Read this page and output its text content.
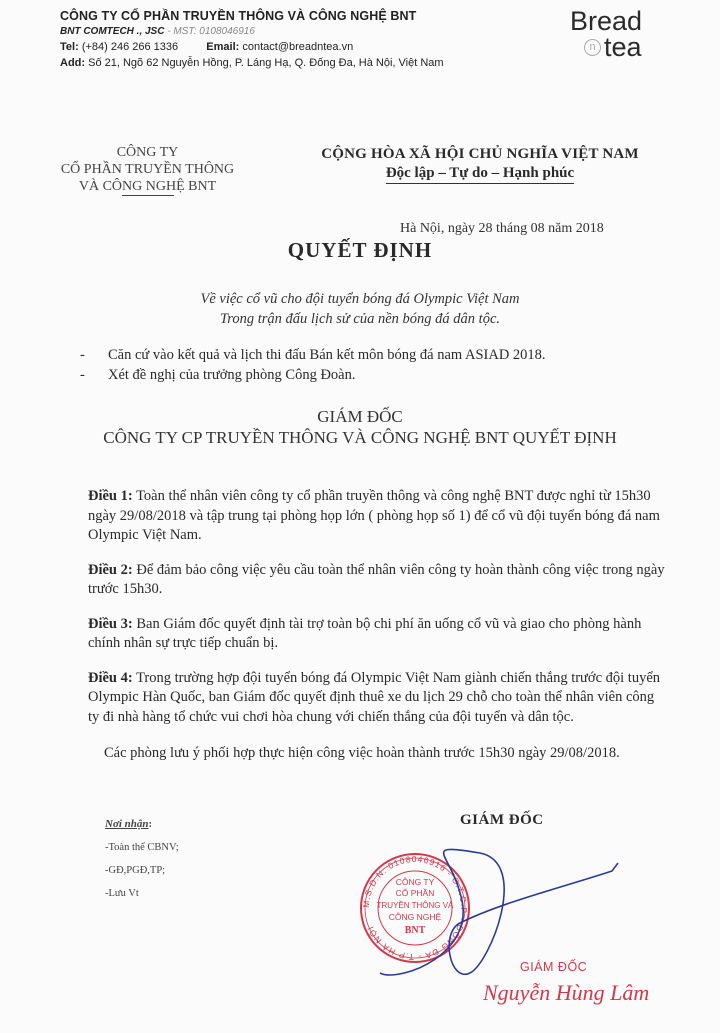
CÔNG TY CỔ PHẦN TRUYỀN THÔNG VÀ CÔNG NGHỆ BNT
BNT COMTECH ., JSC - MST: 0108046916
Tel: (+84) 246 266 1336	Email: contact@breadntea.vn
Add: Số 21, Ngõ 62 Nguyễn Hồng, P. Láng Hạ, Q. Đống Đa, Hà Nội, Việt Nam
Bread
n tea
CÔNG TY
CỔ PHẦN TRUYỀN THÔNG
VÀ CÔNG NGHỆ BNT
CỘNG HÒA XÃ HỘI CHỦ NGHĨA VIỆT NAM
Độc lập – Tự do – Hạnh phúc
Hà Nội, ngày 28 tháng 08 năm 2018
QUYẾT ĐỊNH
Về việc cổ vũ cho đội tuyển bóng đá Olympic Việt Nam
Trong trận đấu lịch sử của nền bóng đá dân tộc.
-	Căn cứ vào kết quả và lịch thi đấu Bán kết môn bóng đá nam ASIAD 2018.
-	Xét đề nghị của trưởng phòng Công Đoàn.
GIÁM ĐỐC
CÔNG TY CP TRUYỀN THÔNG VÀ CÔNG NGHỆ BNT QUYẾT ĐỊNH
Điều 1: Toàn thể nhân viên công ty cổ phần truyền thông và công nghệ BNT được nghỉ từ 15h30 ngày 29/08/2018 và tập trung tại phòng họp lớn ( phòng họp số 1) để cổ vũ đội tuyển bóng đá nam Olympic Việt Nam.
Điều 2: Để đảm bảo công việc yêu cầu toàn thể nhân viên công ty hoàn thành công việc trong ngày trước 15h30.
Điều 3: Ban Giám đốc quyết định tài trợ toàn bộ chi phí ăn uống cổ vũ và giao cho phòng hành chính nhân sự trực tiếp chuẩn bị.
Điều 4: Trong trường hợp đội tuyển bóng đá Olympic Việt Nam giành chiến thắng trước đội tuyển Olympic Hàn Quốc, ban Giám đốc quyết định thuê xe du lịch 29 chỗ cho toàn thể nhân viên công ty đi nhà hàng tổ chức vui chơi hòa chung với chiến thắng của đội tuyển và dân tộc.
Các phòng lưu ý phối hợp thực hiện công việc hoàn thành trước 15h30 ngày 29/08/2018.
Nơi nhận:
-Toàn thể CBNV;
-GĐ,PGĐ,TP;
-Lưu Vt
GIÁM ĐỐC
M.S.D.N: 0108046916 - C.T.C.P - ĐỐNG ĐA - T.P HÀ NỘI
CÔNG TY
CỔ PHẦN
TRUYỀN THÔNG VÀ
CÔNG NGHỆ
BNT
GIÁM ĐỐC
Nguyễn Hùng Lâm
